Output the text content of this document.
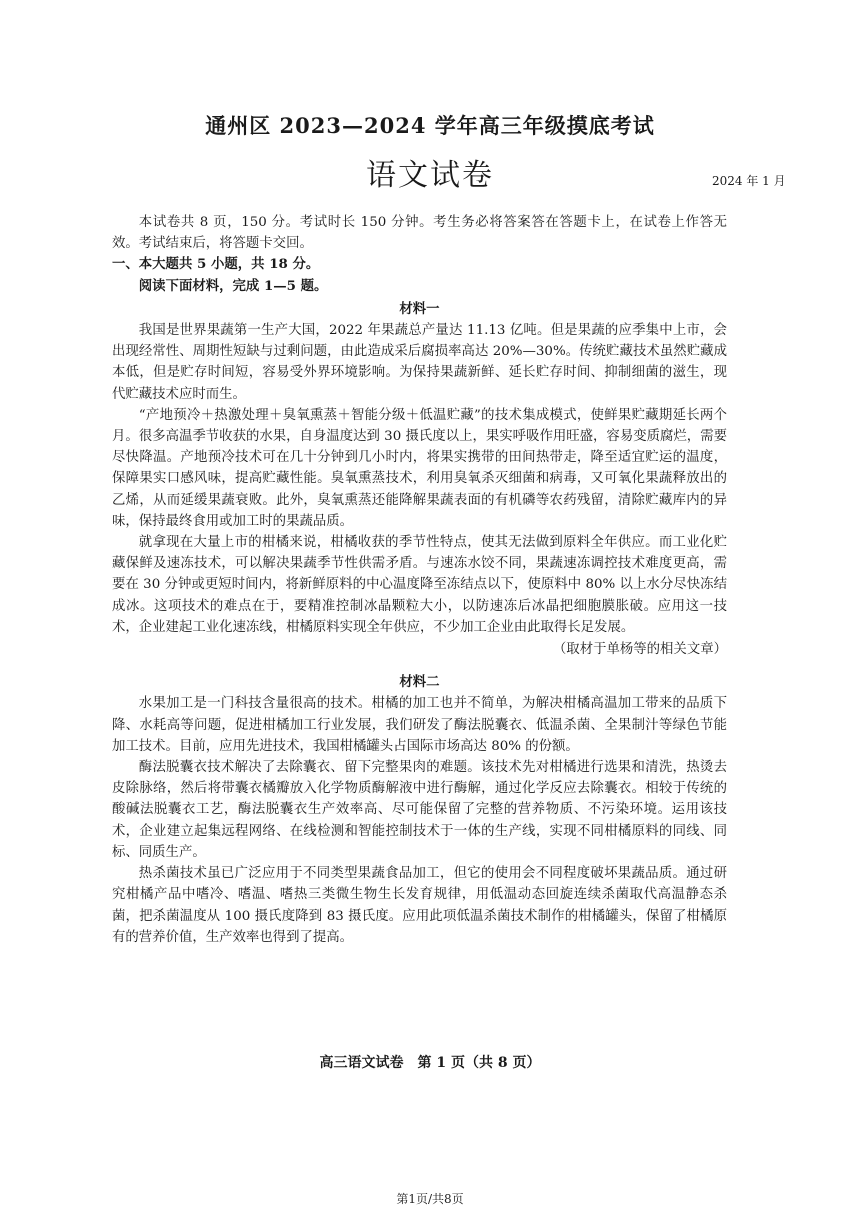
通州区 2023—2024 学年高三年级摸底考试
语文试卷	2024 年 1 月

本试卷共 8 页，150 分。考试时长 150 分钟。考生务必将答案答在答题卡上，在试卷上作答无效。考试结束后，将答题卡交回。

一、本大题共 5 小题，共 18 分。

阅读下面材料，完成 1—5 题。

材料一

我国是世界果蔬第一生产大国，2022 年果蔬总产量达 11.13 亿吨。但是果蔬的应季集中上市，会出现经常性、周期性短缺与过剩问题，由此造成采后腐损率高达 20%—30%。传统贮藏技术虽然贮藏成本低，但是贮存时间短，容易受外界环境影响。为保持果蔬新鲜、延长贮存时间、抑制细菌的滋生，现代贮藏技术应时而生。

“产地预冷＋热激处理＋臭氧熏蒸＋智能分级＋低温贮藏”的技术集成模式，使鲜果贮藏期延长两个月。很多高温季节收获的水果，自身温度达到 30 摄氏度以上，果实呼吸作用旺盛，容易变质腐烂，需要尽快降温。产地预冷技术可在几十分钟到几小时内，将果实携带的田间热带走，降至适宜贮运的温度，保障果实口感风味，提高贮藏性能。臭氧熏蒸技术，利用臭氧杀灭细菌和病毒，又可氧化果蔬释放出的乙烯，从而延缓果蔬衰败。此外，臭氧熏蒸还能降解果蔬表面的有机磷等农药残留，清除贮藏库内的异味，保持最终食用或加工时的果蔬品质。

就拿现在大量上市的柑橘来说，柑橘收获的季节性特点，使其无法做到原料全年供应。而工业化贮藏保鲜及速冻技术，可以解决果蔬季节性供需矛盾。与速冻水饺不同，果蔬速冻调控技术难度更高，需要在 30 分钟或更短时间内，将新鲜原料的中心温度降至冻结点以下，使原料中 80% 以上水分尽快冻结成冰。这项技术的难点在于，要精准控制冰晶颗粒大小，以防速冻后冰晶把细胞膜胀破。应用这一技术，企业建起工业化速冻线，柑橘原料实现全年供应，不少加工企业由此取得长足发展。

（取材于单杨等的相关文章）

材料二

水果加工是一门科技含量很高的技术。柑橘的加工也并不简单，为解决柑橘高温加工带来的品质下降、水耗高等问题，促进柑橘加工行业发展，我们研发了酶法脱囊衣、低温杀菌、全果制汁等绿色节能加工技术。目前，应用先进技术，我国柑橘罐头占国际市场高达 80% 的份额。

酶法脱囊衣技术解决了去除囊衣、留下完整果肉的难题。该技术先对柑橘进行选果和清洗，热烫去皮除脉络，然后将带囊衣橘瓣放入化学物质酶解液中进行酶解，通过化学反应去除囊衣。相较于传统的酸碱法脱囊衣工艺，酶法脱囊衣生产效率高、尽可能保留了完整的营养物质、不污染环境。运用该技术，企业建立起集远程网络、在线检测和智能控制技术于一体的生产线，实现不同柑橘原料的同线、同标、同质生产。

热杀菌技术虽已广泛应用于不同类型果蔬食品加工，但它的使用会不同程度破坏果蔬品质。通过研究柑橘产品中嗜冷、嗜温、嗜热三类微生物生长发育规律，用低温动态回旋连续杀菌取代高温静态杀菌，把杀菌温度从 100 摄氏度降到 83 摄氏度。应用此项低温杀菌技术制作的柑橘罐头，保留了柑橘原有的营养价值，生产效率也得到了提高。

高三语文试卷　第 1 页（共 8 页）
第1页/共8页
